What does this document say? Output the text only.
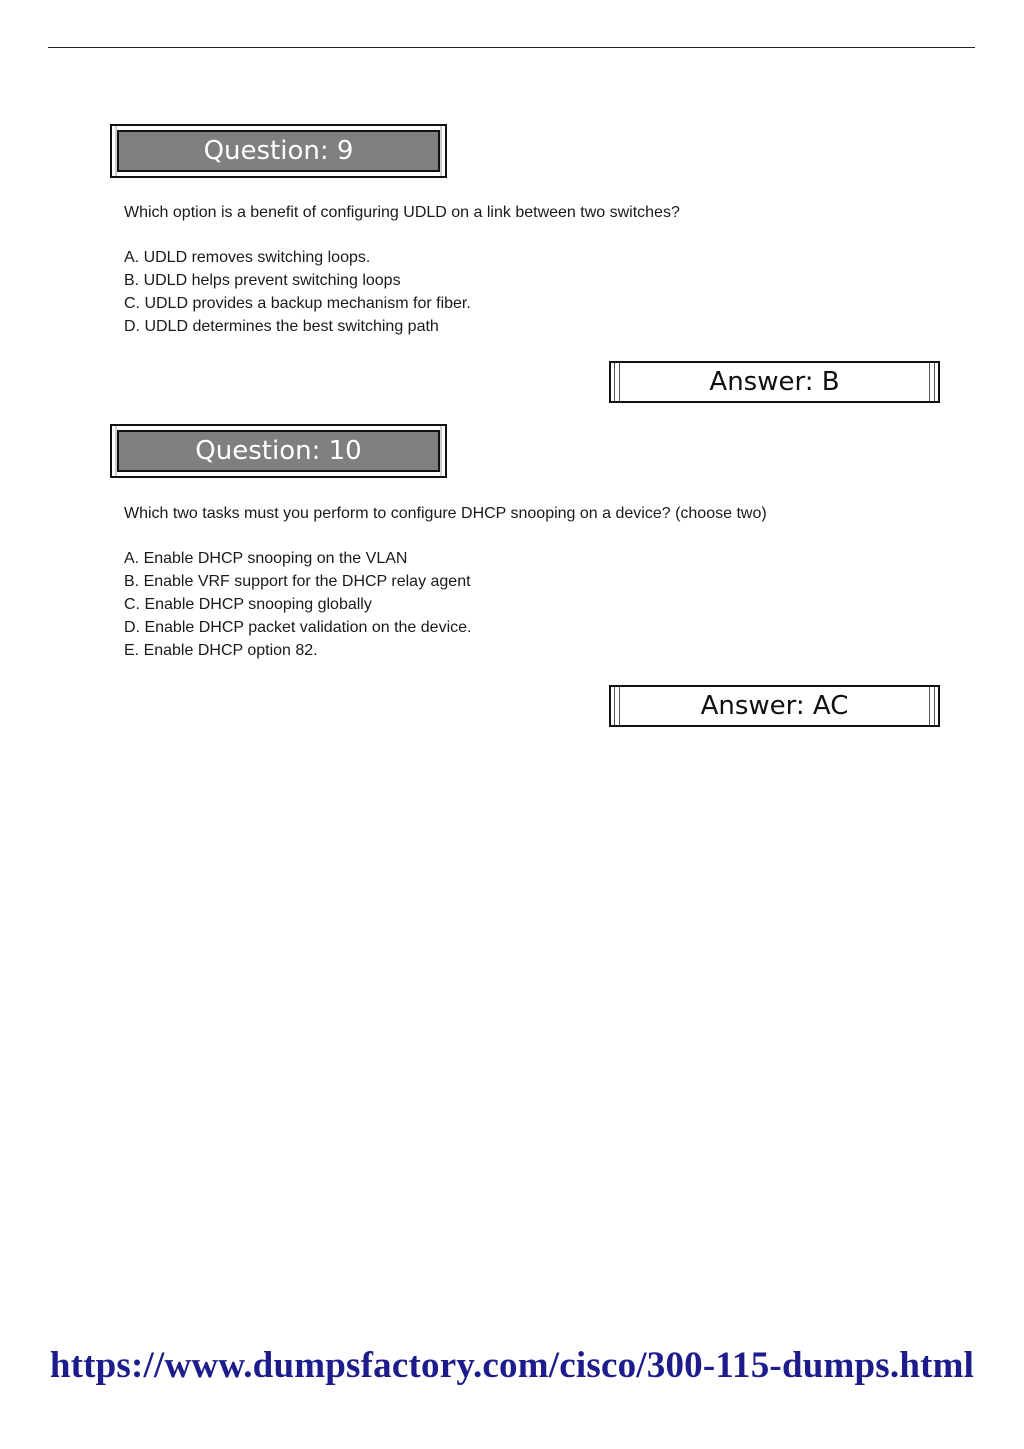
Question: 9
Which option is a benefit of configuring UDLD on a link between two switches?
A. UDLD removes switching loops.
B. UDLD helps prevent switching loops
C. UDLD provides a backup mechanism for fiber.
D. UDLD determines the best switching path
Answer: B
Question: 10
Which two tasks must you perform to configure DHCP snooping on a device? (choose two)
A. Enable DHCP snooping on the VLAN
B. Enable VRF support for the DHCP relay agent
C. Enable DHCP snooping globally
D. Enable DHCP packet validation on the device.
E. Enable DHCP option 82.
Answer: AC
https://www.dumpsfactory.com/cisco/300-115-dumps.html
